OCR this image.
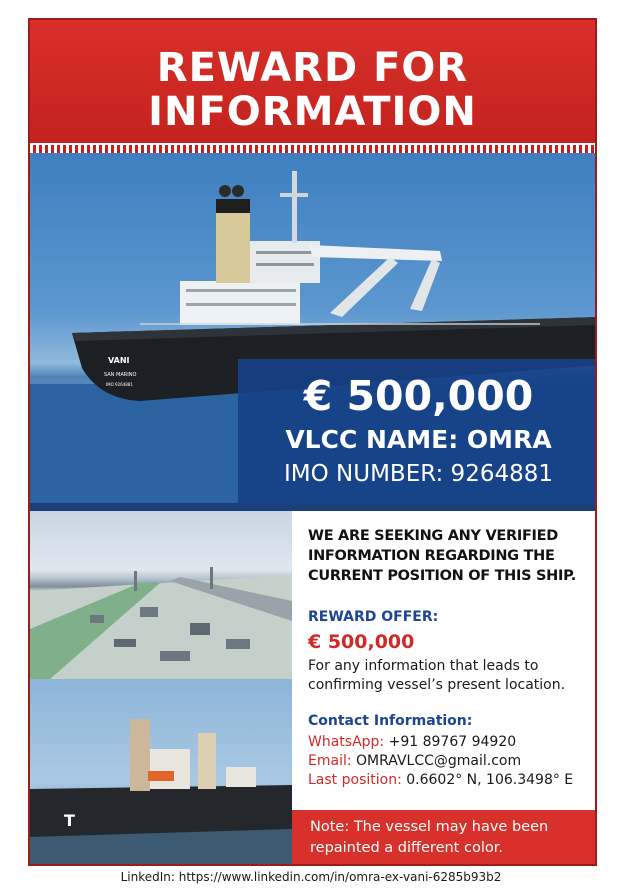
REWARD FOR
INFORMATION
VANI
SAN MARINO
IMO 9264881	€ 500,000
VLCC NAME: OMRA
IMO NUMBER: 9264881
T
WE ARE SEEKING ANY VERIFIED INFORMATION REGARDING THE CURRENT POSITION OF THIS SHIP.
REWARD OFFER:
€ 500,000
For any information that leads to confirming vessel’s present location.
Contact Information:
WhatsApp: +91 89767 94920
Email: OMRAVLCC@gmail.com
Last position: 0.6602° N, 106.3498° E
Note: The vessel may have been repainted a different color.
LinkedIn: https://www.linkedin.com/in/omra-ex-vani-6285b93b2
